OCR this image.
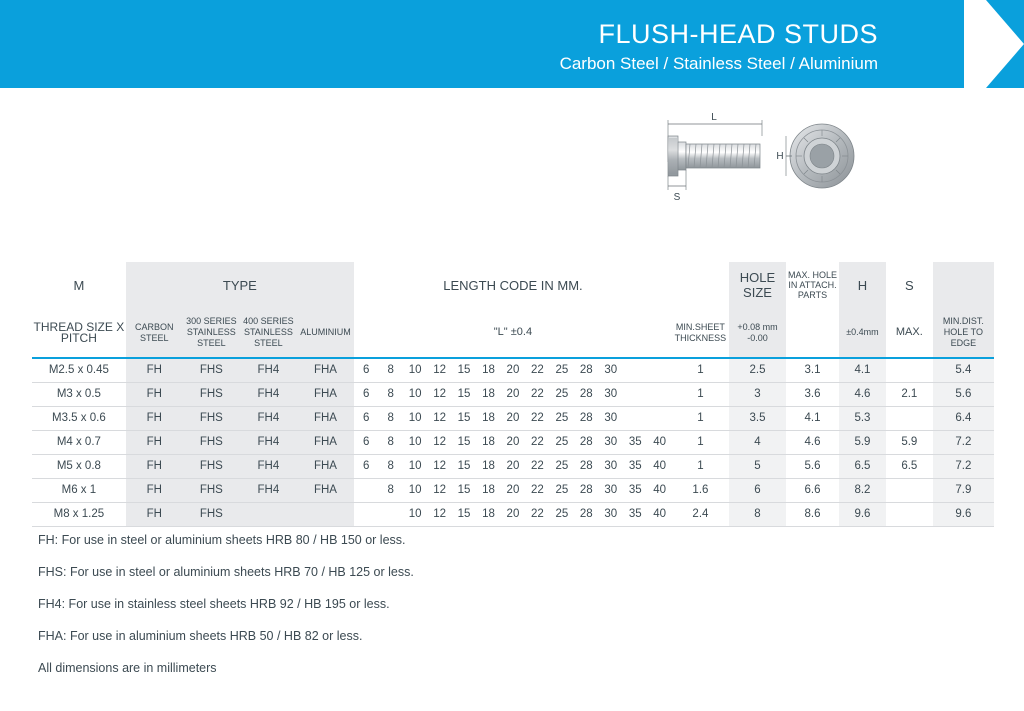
FLUSH-HEAD STUDS
Carbon Steel / Stainless Steel / Aluminium
L
S
H
M	TYPE				LENGTH CODE IN MM.														HOLE SIZE	MAX. HOLE IN ATTACH. PARTS	H	S	
THREAD SIZE X PITCH	CARBON STEEL	300 SERIES STAINLESS STEEL	400 SERIES STAINLESS STEEL	ALUMINIUM	"L" ±0.4													MIN.SHEET THICKNESS	+0.08 mm -0.00		±0.4mm	MAX.	MIN.DIST. HOLE TO EDGE
M2.5 x 0.45	FH	FHS	FH4	FHA	6	8	10	12	15	18	20	22	25	28	30			1	2.5	3.1	4.1		5.4
M3 x 0.5	FH	FHS	FH4	FHA	6	8	10	12	15	18	20	22	25	28	30			1	3	3.6	4.6	2.1	5.6
M3.5 x 0.6	FH	FHS	FH4	FHA	6	8	10	12	15	18	20	22	25	28	30			1	3.5	4.1	5.3		6.4
M4 x 0.7	FH	FHS	FH4	FHA	6	8	10	12	15	18	20	22	25	28	30	35	40	1	4	4.6	5.9	5.9	7.2
M5 x 0.8	FH	FHS	FH4	FHA	6	8	10	12	15	18	20	22	25	28	30	35	40	1	5	5.6	6.5	6.5	7.2
M6 x 1	FH	FHS	FH4	FHA		8	10	12	15	18	20	22	25	28	30	35	40	1.6	6	6.6	8.2		7.9
M8 x 1.25	FH	FHS					10	12	15	18	20	22	25	28	30	35	40	2.4	8	8.6	9.6		9.6

FH: For use in steel or aluminium sheets HRB 80 / HB 150 or less.

FHS: For use in steel or aluminium sheets HRB 70 / HB 125 or less.

FH4: For use in stainless steel sheets HRB 92 / HB 195 or less.

FHA: For use in aluminium sheets HRB 50 / HB 82 or less.

All dimensions are in millimeters
